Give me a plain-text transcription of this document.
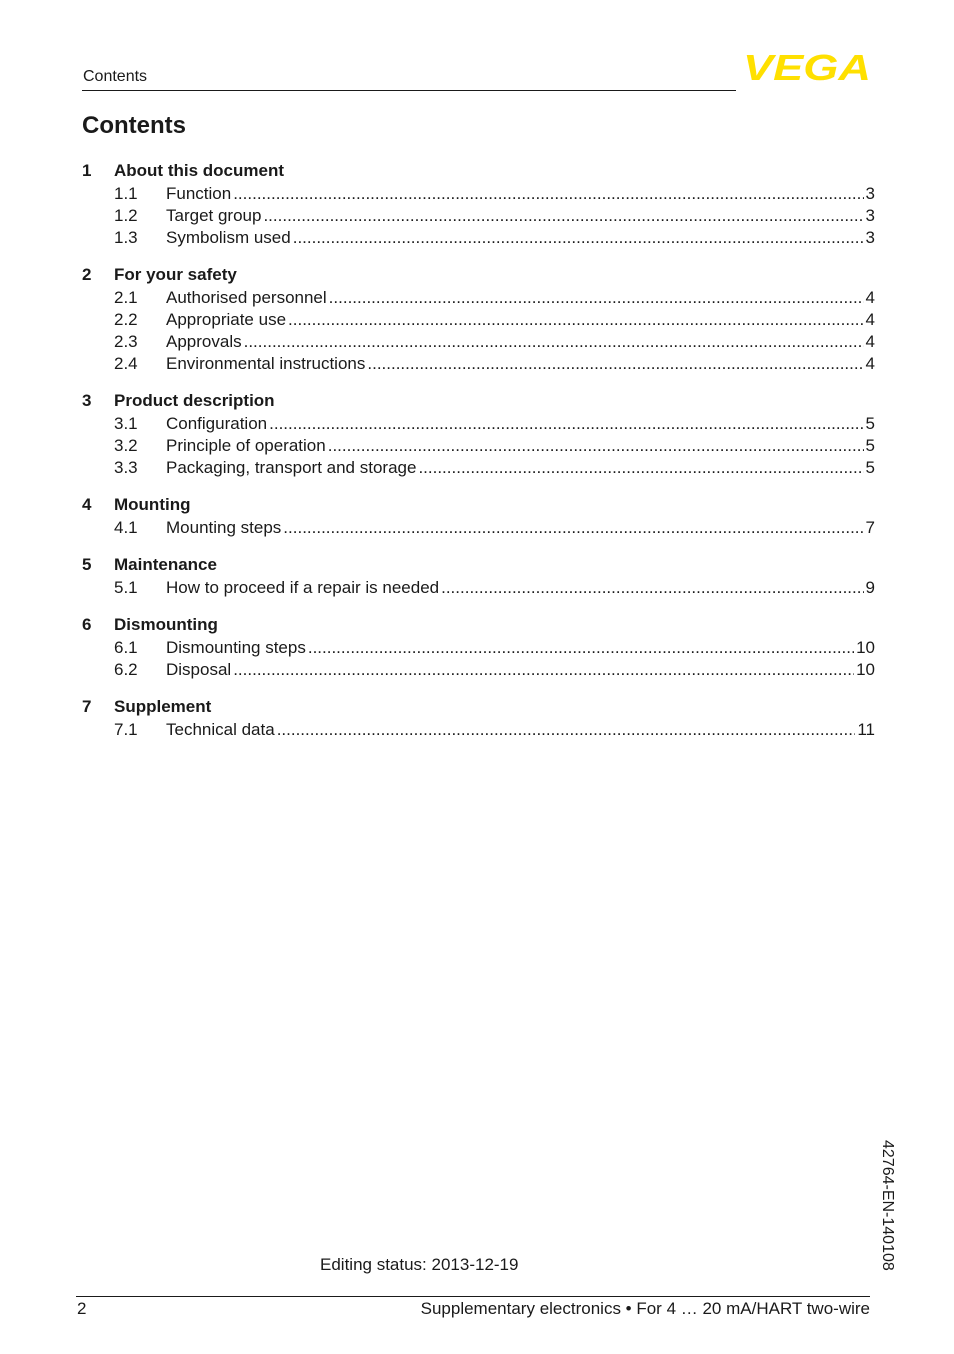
Contents	VEGA
Contents
1	About this document
1.1	Function .....	3
1.2	Target group .....	3
1.3	Symbolism used .....	3
2	For your safety
2.1	Authorised personnel .....	4
2.2	Appropriate use .....	4
2.3	Approvals .....	4
2.4	Environmental instructions .....	4
3	Product description
3.1	Configuration .....	5
3.2	Principle of operation .....	5
3.3	Packaging, transport and storage .....	5
4	Mounting
4.1	Mounting steps .....	7
5	Maintenance
5.1	How to proceed if a repair is needed .....	9
6	Dismounting
6.1	Dismounting steps .....	10
6.2	Disposal .....	10
7	Supplement
7.1	Technical data .....	11
42764-EN-140108
Editing status: 2013-12-19
2	Supplementary electronics • For 4 … 20 mA/HART two-wire
